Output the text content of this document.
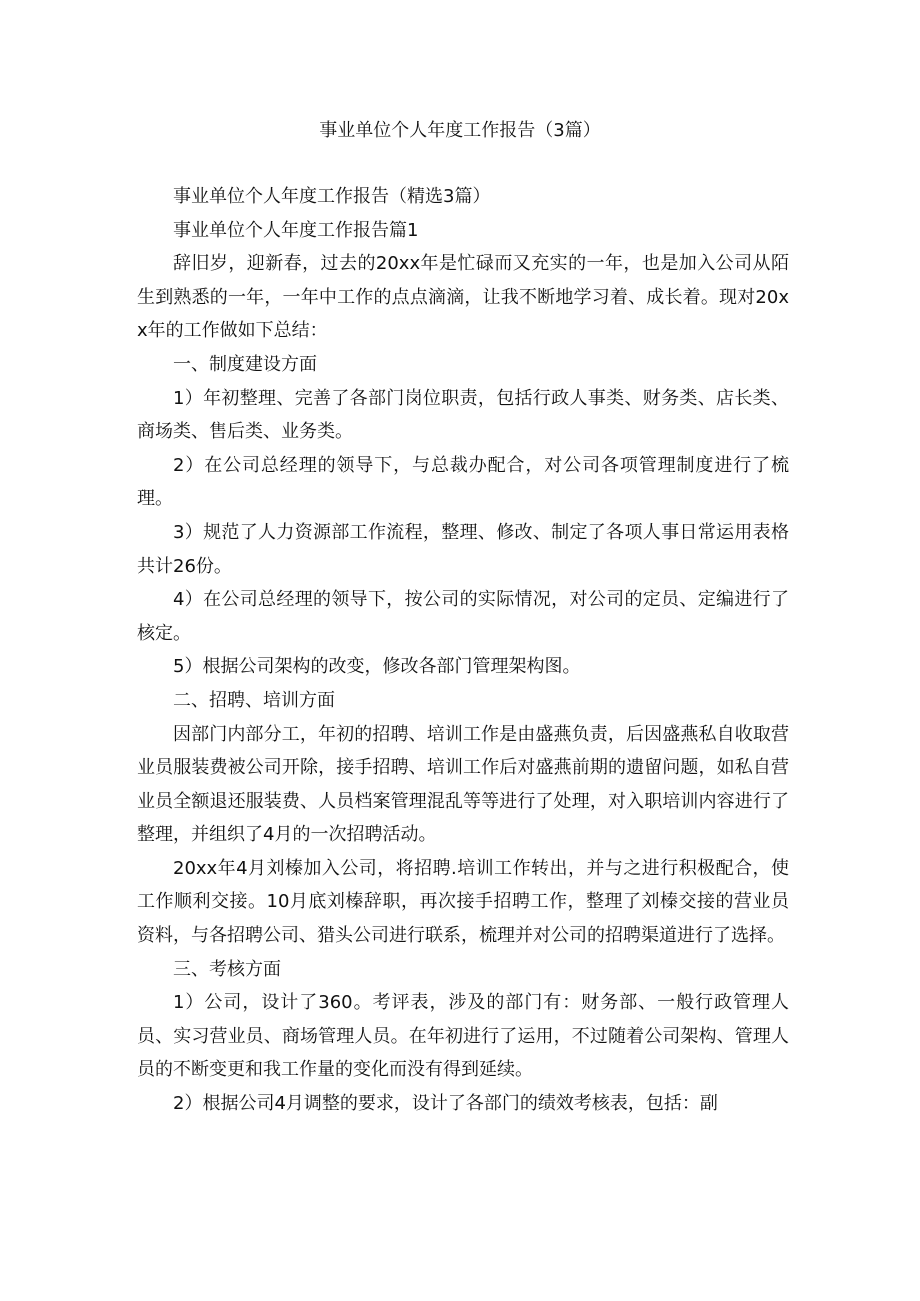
事业单位个人年度工作报告（3篇）

事业单位个人年度工作报告（精选3篇）

事业单位个人年度工作报告篇1

辞旧岁，迎新春，过去的20xx年是忙碌而又充实的一年，也是加入公司从陌生到熟悉的一年，一年中工作的点点滴滴，让我不断地学习着、成长着。现对20xx年的工作做如下总结：

一、制度建设方面

1）年初整理、完善了各部门岗位职责，包括行政人事类、财务类、店长类、商场类、售后类、业务类。

2）在公司总经理的领导下，与总裁办配合，对公司各项管理制度进行了梳理。

3）规范了人力资源部工作流程，整理、修改、制定了各项人事日常运用表格共计26份。

4）在公司总经理的领导下，按公司的实际情况，对公司的定员、定编进行了核定。

5）根据公司架构的改变，修改各部门管理架构图。

二、招聘、培训方面

因部门内部分工，年初的招聘、培训工作是由盛燕负责，后因盛燕私自收取营业员服装费被公司开除，接手招聘、培训工作后对盛燕前期的遗留问题，如私自营业员全额退还服装费、人员档案管理混乱等等进行了处理，对入职培训内容进行了整理，并组织了4月的一次招聘活动。

20xx年4月刘榛加入公司，将招聘.培训工作转出，并与之进行积极配合，使工作顺利交接。10月底刘榛辞职，再次接手招聘工作，整理了刘榛交接的营业员资料，与各招聘公司、猎头公司进行联系，梳理并对公司的招聘渠道进行了选择。

三、考核方面

1）公司，设计了360。考评表，涉及的部门有：财务部、一般行政管理人员、实习营业员、商场管理人员。在年初进行了运用，不过随着公司架构、管理人员的不断变更和我工作量的变化而没有得到延续。

2）根据公司4月调整的要求，设计了各部门的绩效考核表，包括：副
